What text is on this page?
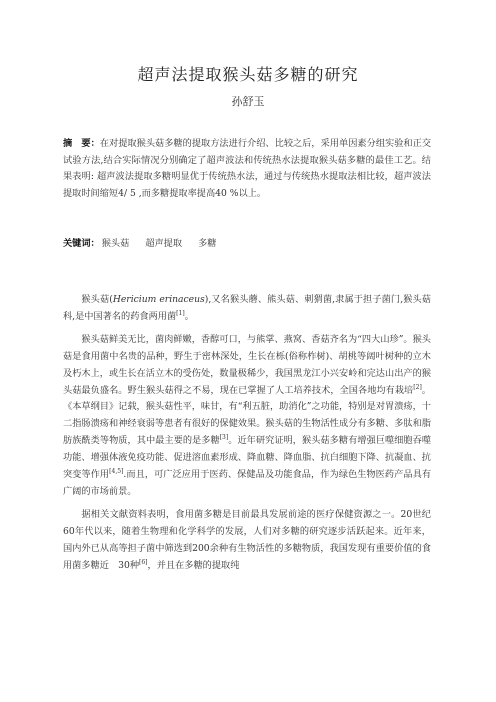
超声法提取猴头菇多糖的研究
孙舒玉
摘　要：在对提取猴头菇多糖的提取方法进行介绍、比较之后，采用单因素分组实验和正交试验方法,结合实际情况分别确定了超声波法和传统热水法提取猴头菇多糖的最佳工艺。结果表明: 超声波法提取多糖明显优于传统热水法，通过与传统热水提取法相比较，超声波法提取时间缩短4/ 5 ,而多糖提取率提高40 %以上。
关键词： 猴头菇 超声提取 多糖

猴头菇(Hericium erinaceus),又名猴头蘑、熊头菇、刺猬菌,隶属于担子菌门,猴头菇科,是中国著名的药食两用菌[1]。

猴头菇鲜美无比，菌肉鲜嫩，香醇可口，与熊掌、燕窝、香菇齐名为“四大山珍”。猴头菇是食用菌中名贵的品种，野生于密林深处，生长在栎(俗称柞树)、胡桃等阔叶树种的立木及朽木上，或生长在活立木的受伤处，数量极稀少，我国黑龙江小兴安岭和完达山出产的猴头菇最负盛名。野生猴头菇得之不易，现在已掌握了人工培养技术，全国各地均有栽培[2]。《本草纲目》记载，猴头菇性平，味甘，有“利五脏，助消化”之功能，特别是对胃溃疡，十二指肠溃疡和神经衰弱等患者有很好的保健效果。猴头菇的生物活性成分有多糖、多肽和脂肪族酰类等物质，其中最主要的是多糖[3]。近年研究证明，猴头菇多糖有增强巨噬细胞吞噬功能、增强体液免疫功能、促进溶血素形成、降血糖、降血脂、抗白细胞下降、抗凝血、抗突变等作用[4,5].而且，可广泛应用于医药、保健品及功能食品，作为绿色生物医药产品具有广阔的市场前景。

据相关文献资料表明，食用菌多糖是目前最具发展前途的医疗保健资源之一。20世纪60年代以来，随着生物理和化学科学的发展，人们对多糖的研究逐步活跃起来。近年来，国内外已从高等担子菌中筛选到200余种有生物活性的多糖物质，我国发现有重要价值的食用菌多糖近　30种[6]，并且在多糖的提取纯
